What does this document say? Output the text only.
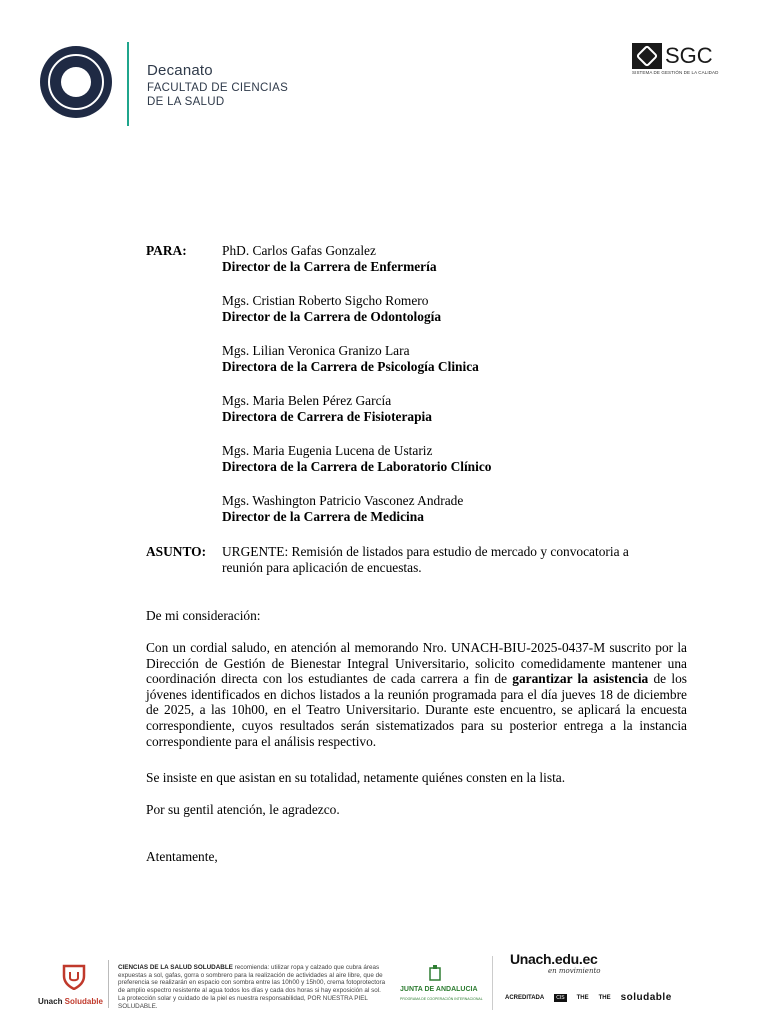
Decanato
FACULTAD DE CIENCIAS
DE LA SALUD
SGC
SISTEMA DE GESTIÓN DE LA CALIDAD
PARA:	PhD. Carlos Gafas Gonzalez
Director de la Carrera de Enfermería
Mgs. Cristian Roberto Sigcho Romero
Director de la Carrera de Odontología
Mgs. Lilian Veronica Granizo Lara
Directora de la Carrera de Psicología Clinica
Mgs. Maria Belen Pérez García
Directora de Carrera de Fisioterapia
Mgs. Maria Eugenia Lucena de Ustariz
Directora de la Carrera de Laboratorio Clínico
Mgs. Washington Patricio Vasconez Andrade
Director de la Carrera de Medicina
ASUNTO: URGENTE: Remisión de listados para estudio de mercado y convocatoria a
reunión para aplicación de encuestas.
De mi consideración:
Con un cordial saludo, en atención al memorando Nro. UNACH-BIU-2025-0437-M suscrito por la Dirección de Gestión de Bienestar Integral Universitario, solicito comedidamente mantener una coordinación directa con los estudiantes de cada carrera a fin de garantizar la asistencia de los jóvenes identificados en dichos listados a la reunión programada para el día jueves 18 de diciembre de 2025, a las 10h00, en el Teatro Universitario. Durante este encuentro, se aplicará la encuesta correspondiente, cuyos resultados serán sistematizados para su posterior entrega a la instancia correspondiente para el análisis respectivo.
Se insiste en que asistan en su totalidad, netamente quiénes consten en la lista.
Por su gentil atención, le agradezco.
Atentamente,
Unach Soludable
CIENCIAS DE LA SALUD SOLUDABLE recomienda: utilizar ropa y calzado que cubra áreas expuestas a sol, gafas, gorra o sombrero para la realización de actividades al aire libre, que de preferencia se realizarán en espacio con sombra entre las 10h00 y 15h00, crema fotoprotectora de amplio espectro resistente al agua todos los días y cada dos horas si hay exposición al sol. La protección solar y cuidado de la piel es nuestra responsabilidad, POR NUESTRA PIEL SOLUDABLE.
JUNTA DE ANDALUCIA
PROGRAMA DE COOPERACIÓN INTERNACIONAL
Unach.edu.ec
en movimiento
ACREDITADA	CIS	THE THE soludable
